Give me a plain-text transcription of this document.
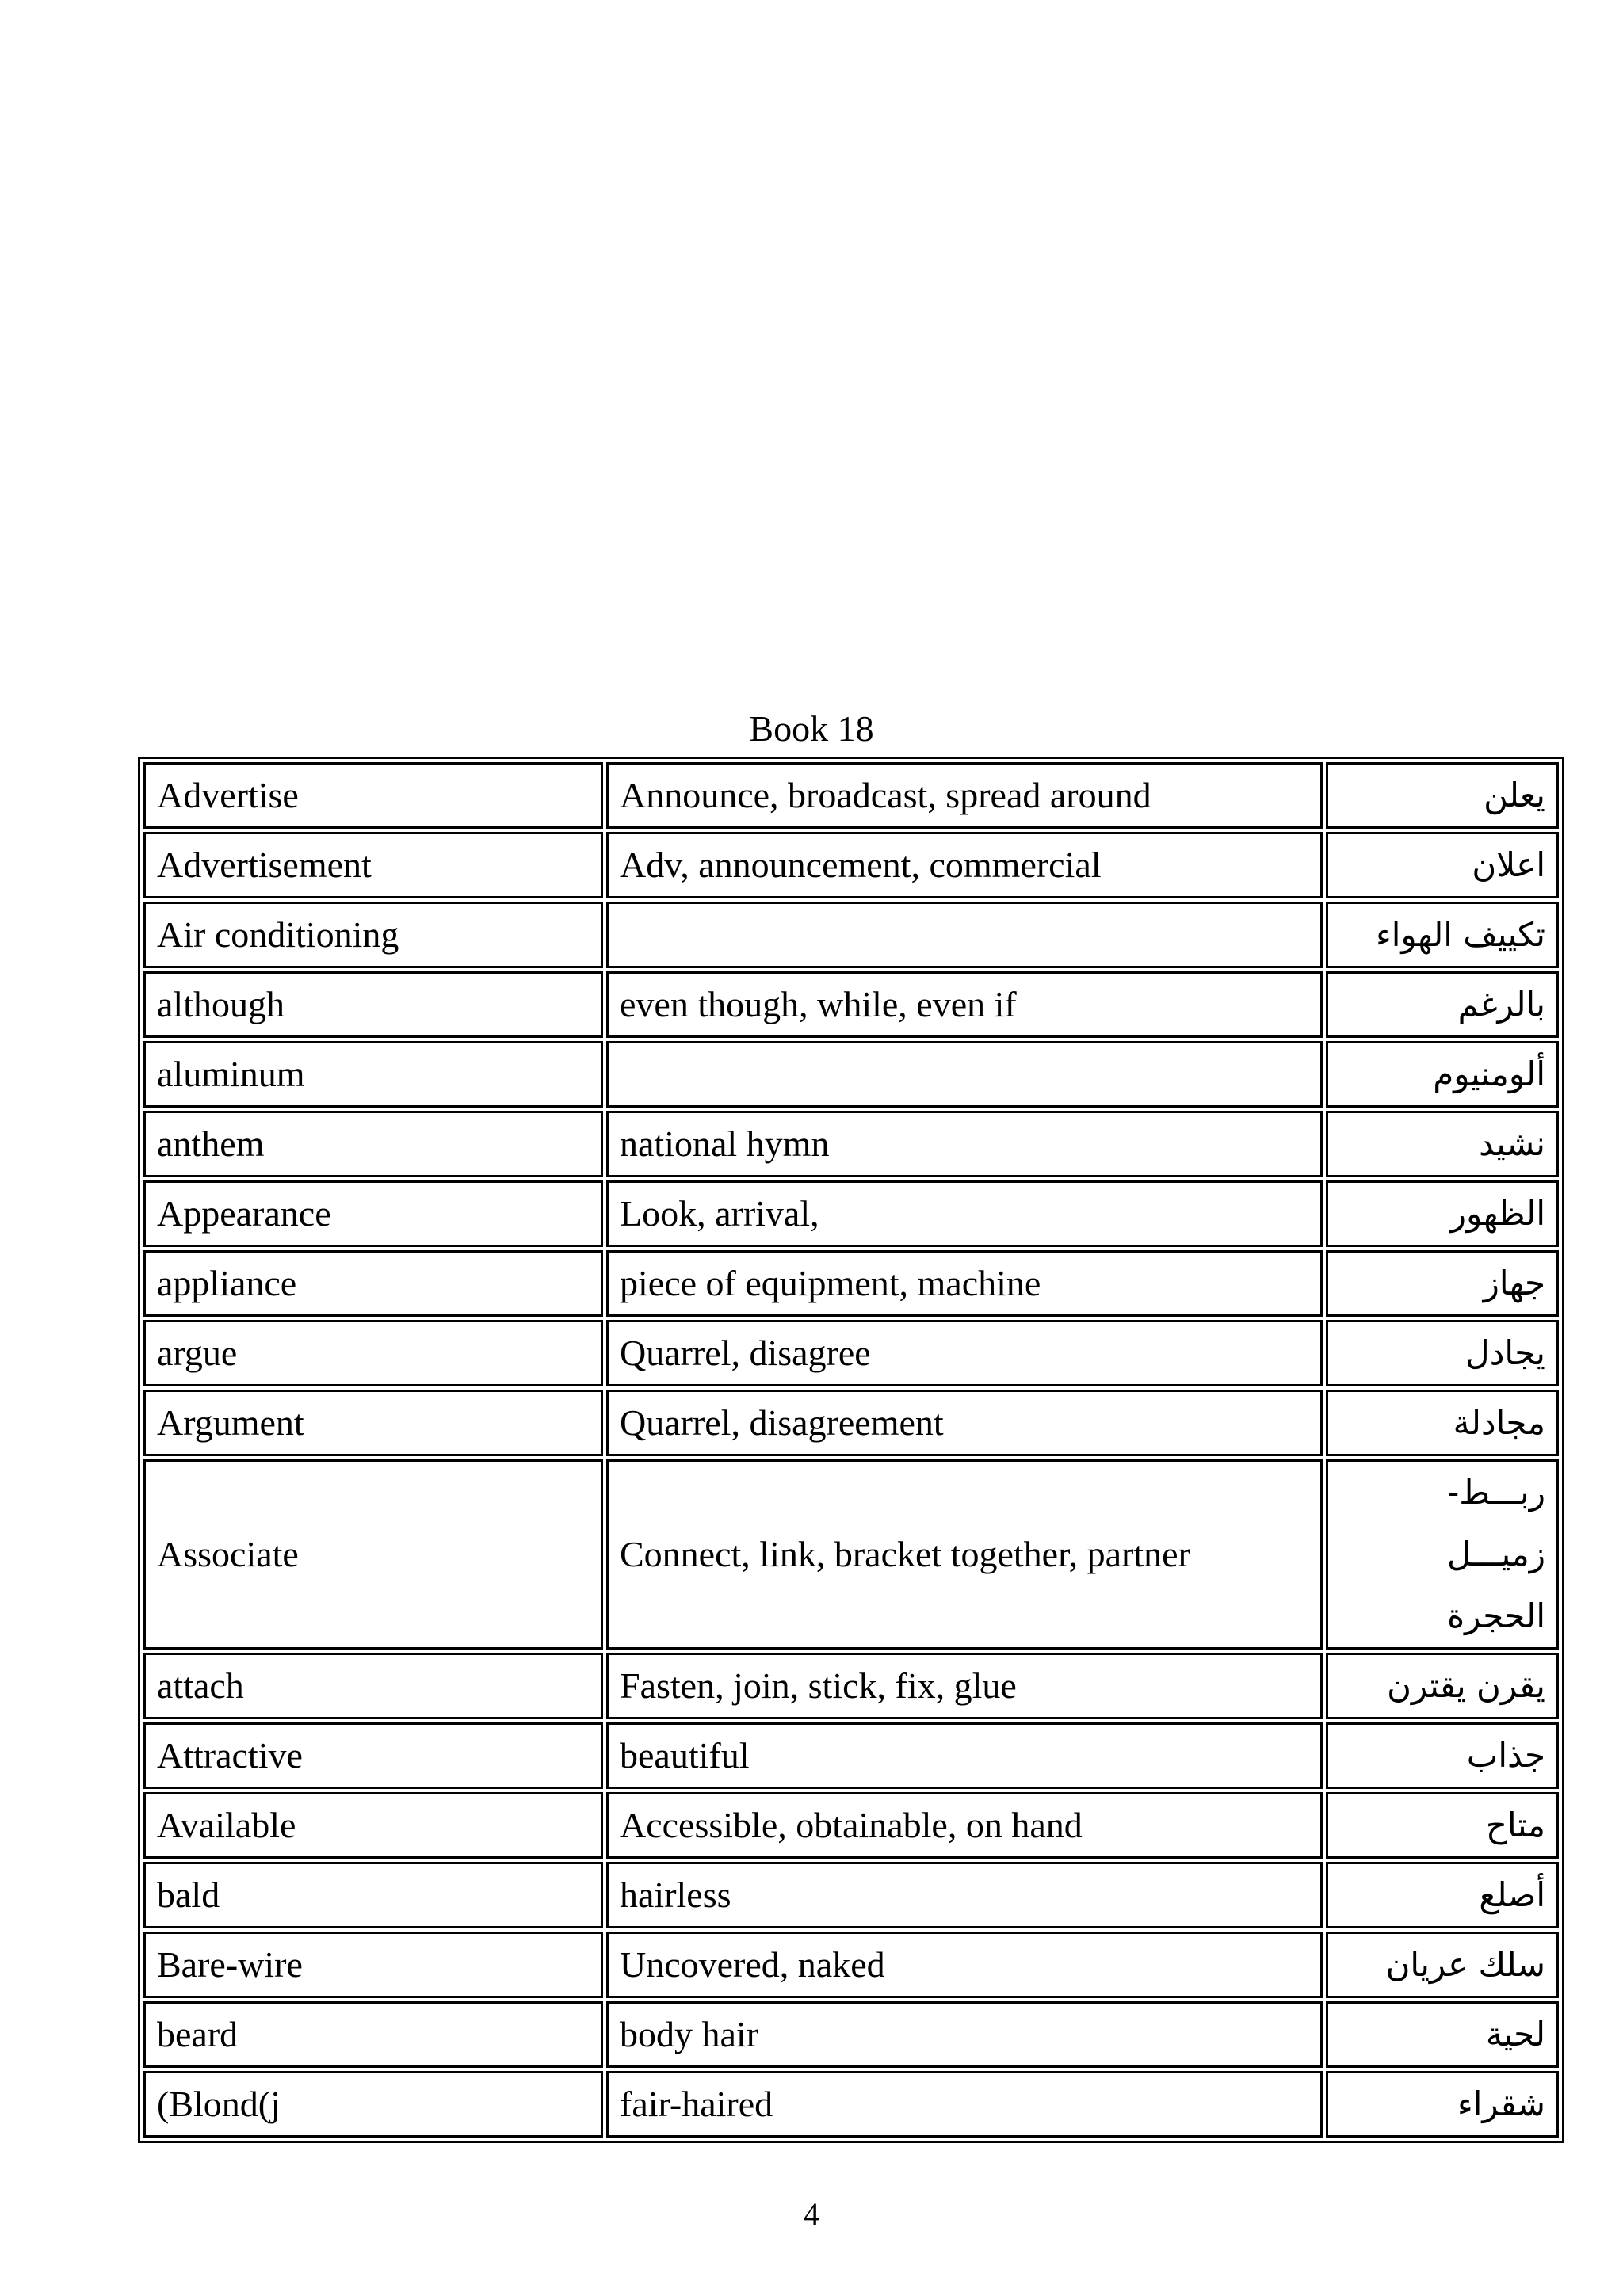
Book 18
Advertise	Announce, broadcast, spread around	يعلن
Advertisement	Adv, announcement, commercial	اعلان
Air conditioning		تكييف الهواء
although	even though, while, even if	بالرغم
aluminum		ألومنيوم
anthem	national hymn	نشيد
Appearance	Look, arrival,	الظهور
appliance	piece of equipment, machine	جهاز
argue	Quarrel, disagree	يجادل
Argument	Quarrel, disagreement	مجادلة
Associate	Connect, link, bracket together, partner	ربـــط- زميـــل الحجرة
attach	Fasten, join, stick, fix, glue	يقرن يقترن
Attractive	beautiful	جذاب
Available	Accessible, obtainable, on hand	متاح
bald	hairless	أصلع
Bare-wire	Uncovered, naked	سلك عريان
beard	body hair	لحية
(Blond(j	fair-haired	شقراء
4
